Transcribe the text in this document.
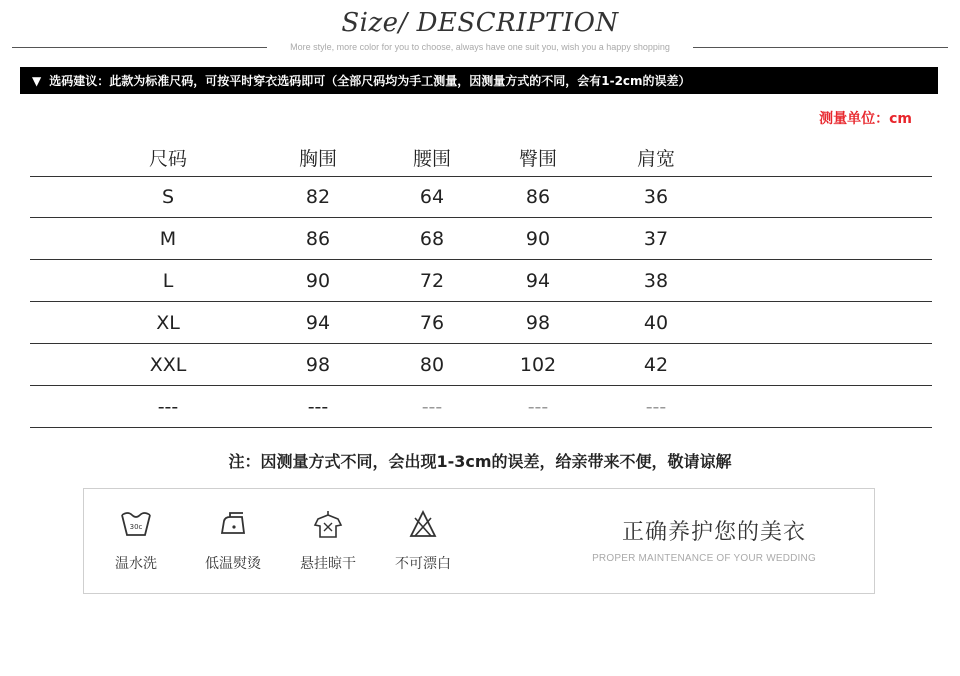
Size/ DESCRIPTION
More style, more color for you to choose, always have one suit you, wish you a happy shopping
▼ 选码建议：此款为标准尺码，可按平时穿衣选码即可（全部尺码均为手工测量，因测量方式的不同，会有1-2cm的误差）
测量单位：cm
尺码	胸围	腰围	臀围	肩宽
S	82	64	86	36
M	86	68	90	37
L	90	72	94	38
XL	94	76	98	40
XXL	98	80	102	42
---	---	---	---	---
注：因测量方式不同，会出现1-3cm的误差，给亲带来不便，敬请谅解
30c
温水洗	低温熨烫	悬挂晾干	不可漂白
正确养护您的美衣
PROPER MAINTENANCE OF YOUR WEDDING
